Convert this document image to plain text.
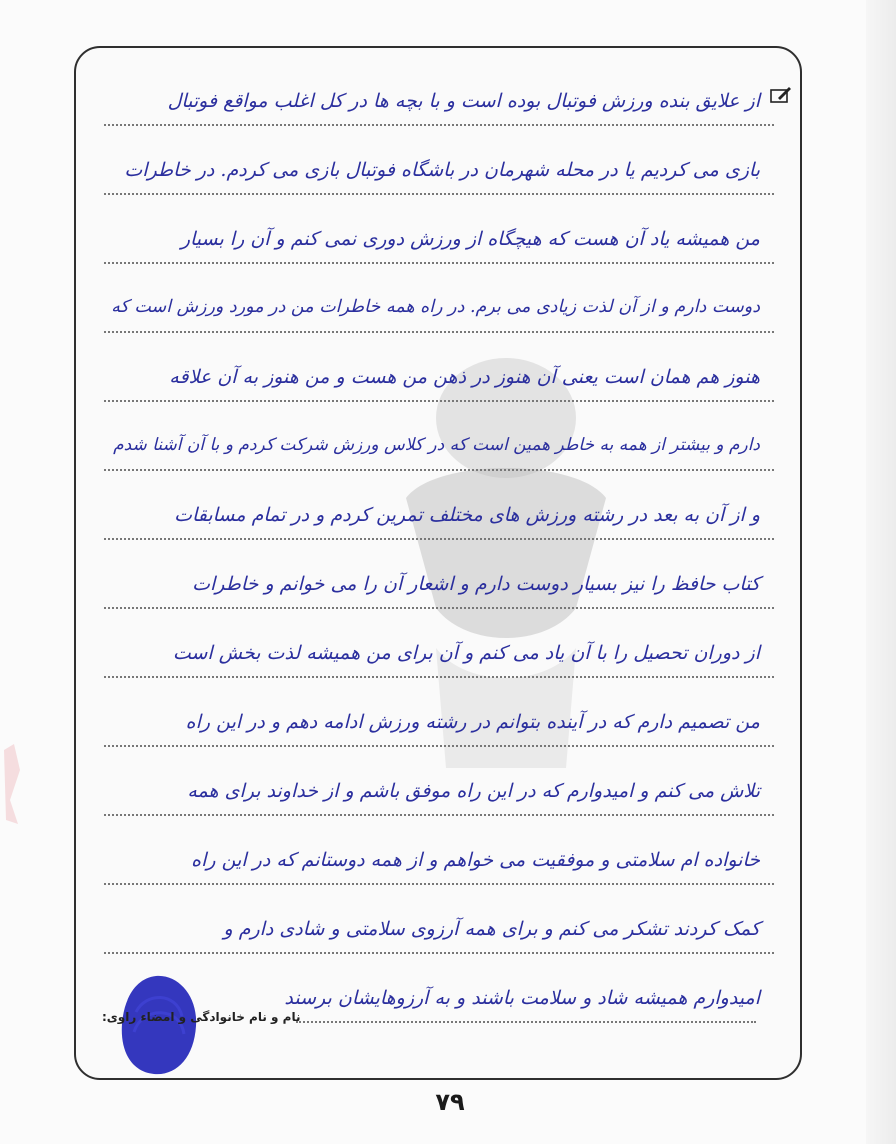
از علایق بنده ورزش فوتبال بوده است و با بچه ها در کل اغلب مواقع فوتبال
بازی می کردیم یا در محله شهرمان در باشگاه فوتبال بازی می کردم. در خاطرات
من همیشه یاد آن هست که هیچگاه از ورزش دوری نمی کنم و آن را بسیار
دوست دارم و از آن لذت زیادی می برم. در راه همه خاطرات من در مورد ورزش است که
هنوز هم همان است یعنی آن هنوز در ذهن من هست و من هنوز به آن علاقه
دارم و بیشتر از همه به خاطر همین است که در کلاس ورزش شرکت کردم و با آن آشنا شدم
و از آن به بعد در رشته ورزش های مختلف تمرین کردم و در تمام مسابقات
کتاب حافظ را نیز بسیار دوست دارم و اشعار آن را می خوانم و خاطرات
از دوران تحصیل را با آن یاد می کنم و آن برای من همیشه لذت بخش است
من تصمیم دارم که در آینده بتوانم در رشته ورزش ادامه دهم و در این راه
تلاش می کنم و امیدوارم که در این راه موفق باشم و از خداوند برای همه
خانواده ام سلامتی و موفقیت می خواهم و از همه دوستانم که در این راه
کمک کردند تشکر می کنم و برای همه آرزوی سلامتی و شادی دارم و
امیدوارم همیشه شاد و سلامت باشند و به آرزوهایشان برسند
نام و نام خانوادگی و امضاء راوی:
۷۹
